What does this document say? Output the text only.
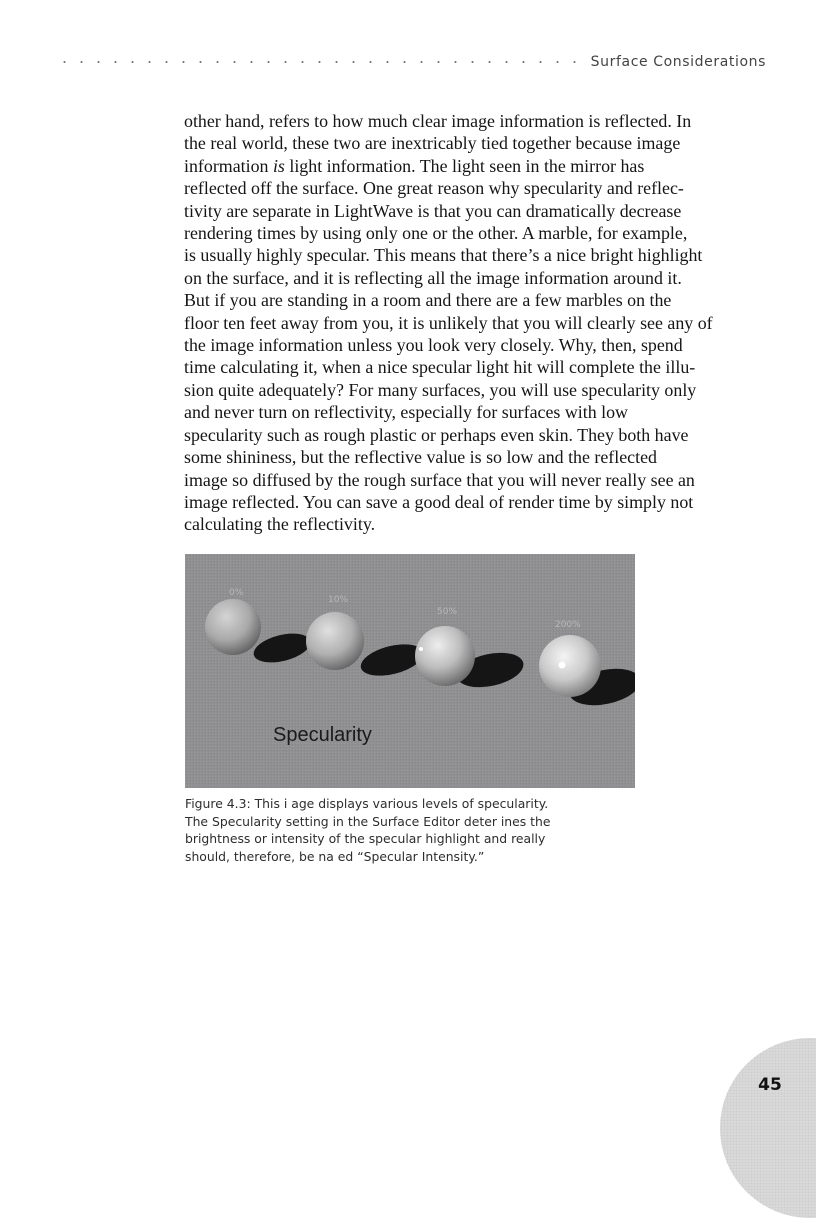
Surface Considerations
other hand, refers to how much clear image information is reflected. In
the real world, these two are inextricably tied together because image
information is light information. The light seen in the mirror has
reflected off the surface. One great reason why specularity and reflec-
tivity are separate in LightWave is that you can dramatically decrease
rendering times by using only one or the other. A marble, for example,
is usually highly specular. This means that there’s a nice bright highlight
on the surface, and it is reflecting all the image information around it.
But if you are standing in a room and there are a few marbles on the
floor ten feet away from you, it is unlikely that you will clearly see any of
the image information unless you look very closely. Why, then, spend
time calculating it, when a nice specular light hit will complete the illu-
sion quite adequately? For many surfaces, you will use specularity only
and never turn on reflectivity, especially for surfaces with low
specularity such as rough plastic or perhaps even skin. They both have
some shininess, but the reflective value is so low and the reflected
image so diffused by the rough surface that you will never really see an
image reflected. You can save a good deal of render time by simply not
calculating the reflectivity.
0%
10%
50%
200%
Specularity
Figure 4.3: This i age displays various levels of specularity.
The Specularity setting in the Surface Editor deter ines the
brightness or intensity of the specular highlight and really
should, therefore, be na ed “Specular Intensity.”
45
